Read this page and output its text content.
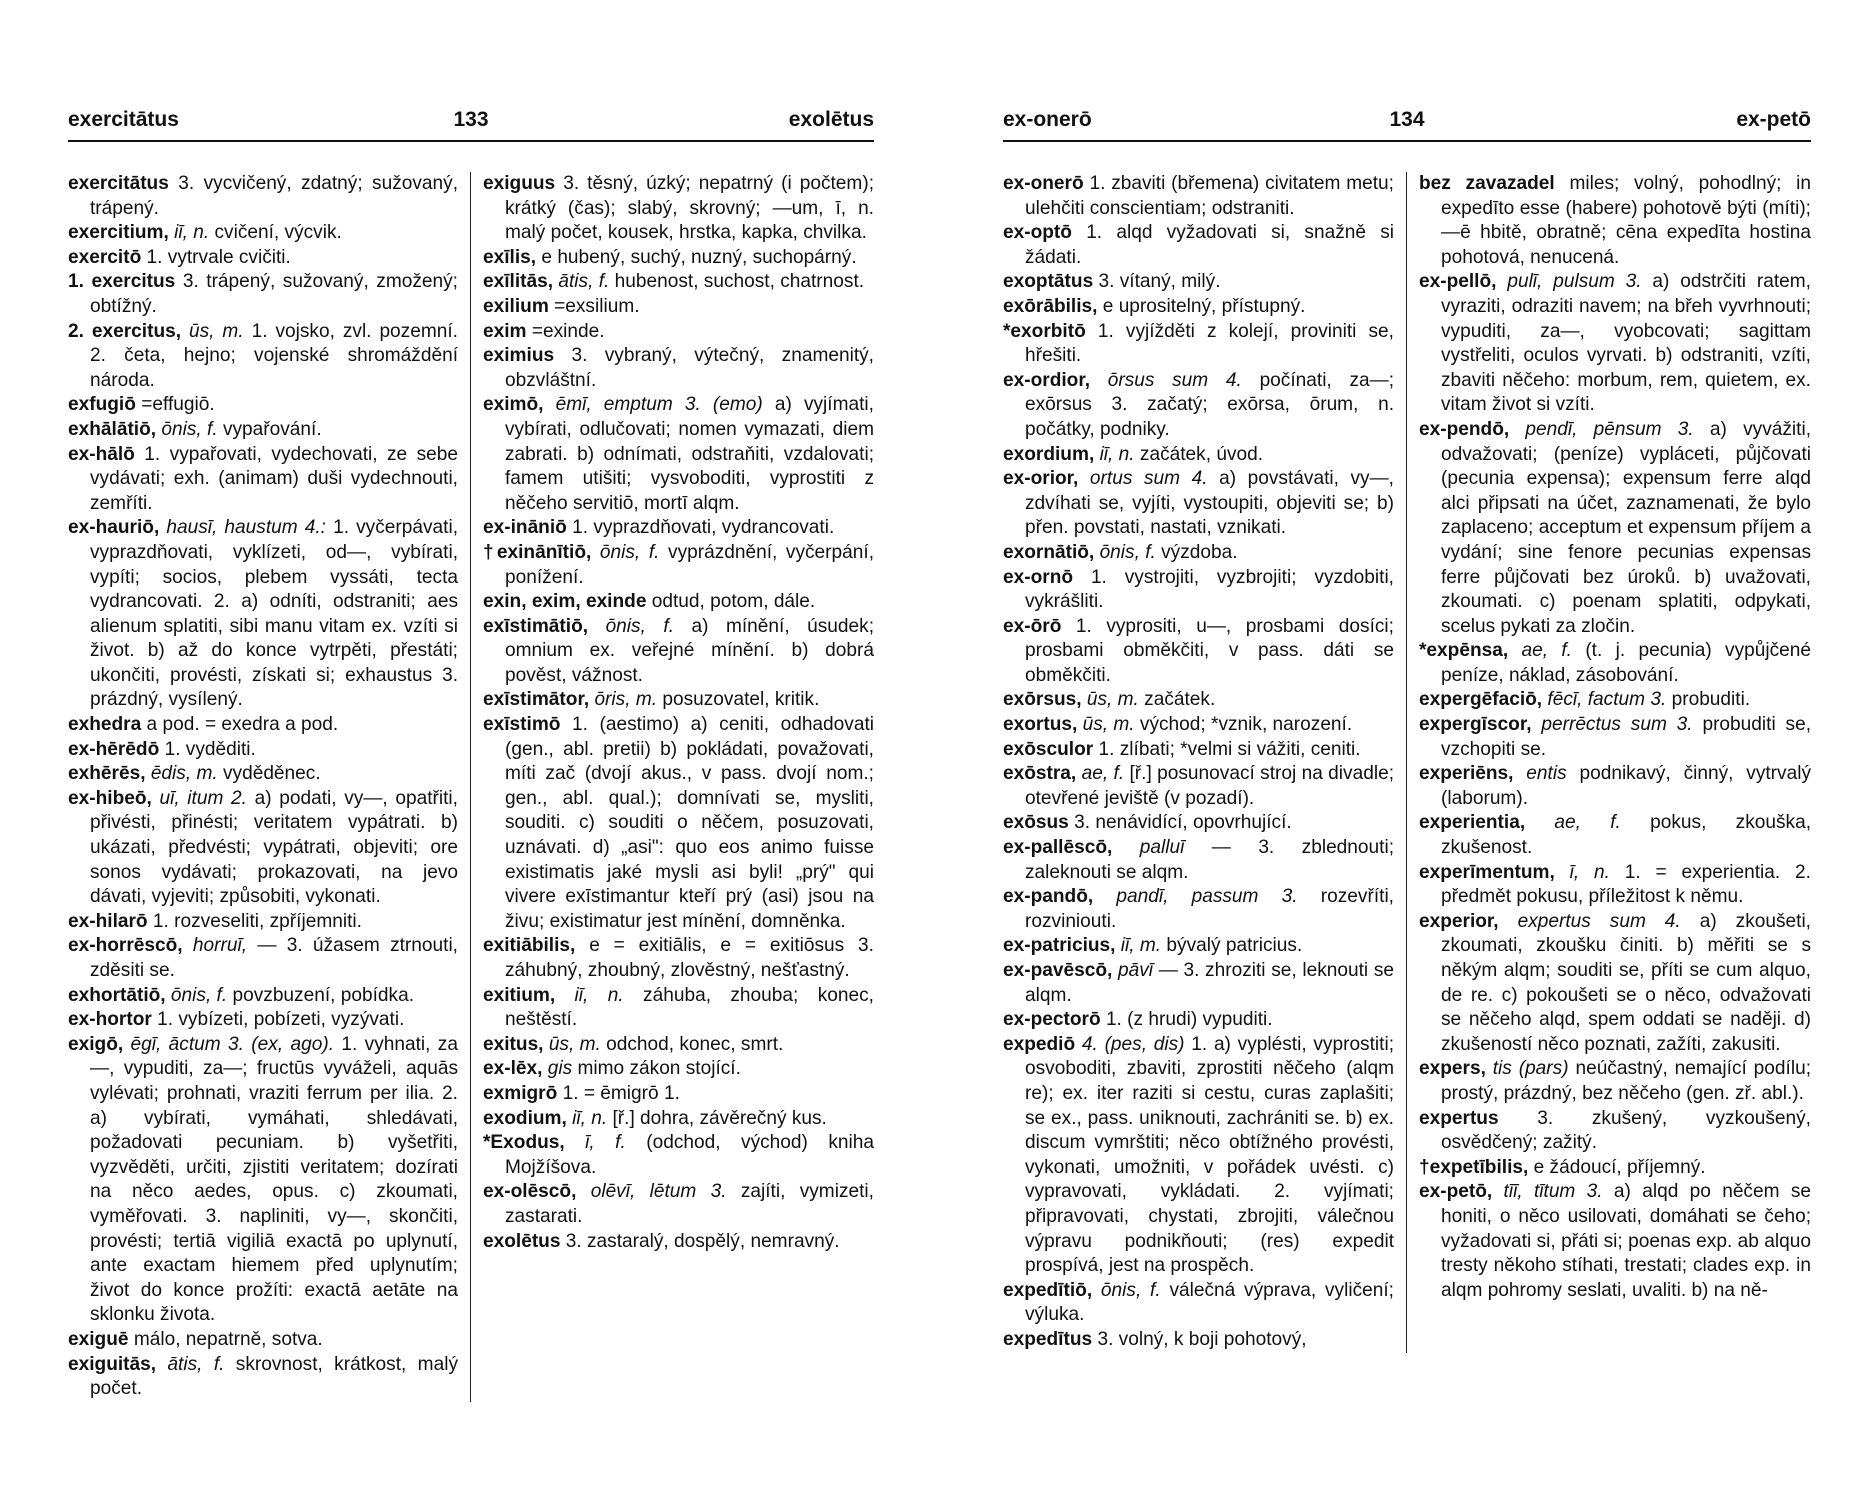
exercitātus	133	exolētus

exercitātus 3. vycvičený, zdatný; sužovaný, trápený.

exercitium, iī, n. cvičení, výcvik.

exercitō 1. vytrvale cvičiti.

1. exercitus 3. trápený, sužovaný, zmožený; obtížný.

2. exercitus, ūs, m. 1. vojsko, zvl. pozemní. 2. četa, hejno; vojenské shromáždění národa.

exfugiō =effugiō.

exhālātiō, ōnis, f. vypařování.

ex-hālō 1. vypařovati, vydechovati, ze sebe vydávati; exh. (animam) duši vydechnouti, zemříti.

ex-hauriō, hausī, haustum 4.: 1. vyčerpávati, vyprazdňovati, vyklízeti, od—, vybírati, vypíti; socios, plebem vyssáti, tecta vydrancovati. 2. a) odníti, odstraniti; aes alienum splatiti, sibi manu vitam ex. vzíti si život. b) až do konce vytrpěti, přestáti; ukončiti, provésti, získati si; exhaustus 3. prázdný, vysílený.

exhedra a pod. = exedra a pod.

ex-hērēdō 1. vyděditi.

exhērēs, ēdis, m. vyděděnec.

ex-hibeō, uī, itum 2. a) podati, vy—, opatřiti, přivésti, přinésti; veritatem vypátrati. b) ukázati, předvésti; vypátrati, objeviti; ore sonos vydávati; prokazovati, na jevo dávati, vyjeviti; způsobiti, vykonati.

ex-hilarō 1. rozveseliti, zpříjemniti.

ex-horrēscō, horruī, — 3. úžasem ztrnouti, zděsiti se.

exhortātiō, ōnis, f. povzbuzení, pobídka.

ex-hortor 1. vybízeti, pobízeti, vyzývati.

exigō, ēgī, āctum 3. (ex, ago). 1. vyhnati, za—, vypuditi, za—; fructūs vyváželi, aquās vylévati; prohnati, vraziti ferrum per ilia. 2. a) vybírati, vymáhati, shledávati, požadovati pecuniam. b) vyšetřiti, vyzvěděti, určiti, zjistiti veritatem; dozírati na něco aedes, opus. c) zkoumati, vyměřovati. 3. napliniti, vy—, skončiti, provésti; tertiā vigiliā exactā po uplynutí, ante exactam hiemem před uplynutím; život do konce prožíti: exactā aetāte na sklonku života.

exiguē málo, nepatrně, sotva.

exiguitās, ātis, f. skrovnost, krátkost, malý počet.

exiguus 3. těsný, úzký; nepatrný (i počtem); krátký (čas); slabý, skrovný; —um, ī, n. malý počet, kousek, hrstka, kapka, chvilka.

exīlis, e hubený, suchý, nuzný, suchopárný.

exīlitās, ātis, f. hubenost, suchost, chatrnost.

exilium =exsilium.

exim =exinde.

eximius 3. vybraný, výtečný, znamenitý, obzvláštní.

eximō, ēmī, emptum 3. (emo) a) vyjímati, vybírati, odlučovati; nomen vymazati, diem zabrati. b) odnímati, odstraňiti, vzdalovati; famem utišiti; vysvoboditi, vyprostiti z něčeho servitiō, mortī alqm.

ex-ināniō 1. vyprazdňovati, vydrancovati.

†exinānītiō, ōnis, f. vyprázdnění, vyčerpání, ponížení.

exin, exim, exinde odtud, potom, dále.

exīstimātiō, ōnis, f. a) mínění, úsudek; omnium ex. veřejné mínění. b) dobrá pověst, vážnost.

exīstimātor, ōris, m. posuzovatel, kritik.

exīstimō 1. (aestimo) a) ceniti, odhadovati (gen., abl. pretii) b) pokládati, považovati, míti zač (dvojí akus., v pass. dvojí nom.; gen., abl. qual.); domnívati se, mysliti, souditi. c) souditi o něčem, posuzovati, uznávati. d) „asi": quo eos animo fuisse existimatis jaké mysli asi byli! „prý" qui vivere exīstimantur kteří prý (asi) jsou na živu; existimatur jest mínění, domněnka.

exitiābilis, e = exitiālis, e = exitiōsus 3. záhubný, zhoubný, zlověstný, nešťastný.

exitium, iī, n. záhuba, zhouba; konec, neštěstí.

exitus, ūs, m. odchod, konec, smrt.

ex-lēx, gis mimo zákon stojící.

exmigrō 1. = ēmigrō 1.

exodium, iī, n. [ř.] dohra, závěrečný kus.

*Exodus, ī, f. (odchod, východ) kniha Mojžíšova.

ex-olēscō, olēvī, lētum 3. zajíti, vymizeti, zastarati.

exolētus 3. zastaralý, dospělý, nemravný.

ex-onerō	134	ex-petō

ex-onerō 1. zbaviti (břemena) civitatem metu; ulehčiti conscientiam; odstraniti.

ex-optō 1. alqd vyžadovati si, snažně si žádati.

exoptātus 3. vítaný, milý.

exōrābilis, e uprositelný, přístupný.

*exorbitō 1. vyjížděti z kolejí, proviniti se, hřešiti.

ex-ordior, ōrsus sum 4. počínati, za—; exōrsus 3. začatý; exōrsa, ōrum, n. počátky, podniky.

exordium, iī, n. začátek, úvod.

ex-orior, ortus sum 4. a) povstávati, vy—, zdvíhati se, vyjíti, vystoupiti, objeviti se; b) přen. povstati, nastati, vznikati.

exornātiō, ōnis, f. výzdoba.

ex-ornō 1. vystrojiti, vyzbrojiti; vyzdobiti, vykrášliti.

ex-ōrō 1. vyprositi, u—, prosbami dosíci; prosbami obměkčiti, v pass. dáti se obměkčiti.

exōrsus, ūs, m. začátek.

exortus, ūs, m. východ; *vznik, narození.

exōsculor 1. zlíbati; *velmi si vážiti, ceniti.

exōstra, ae, f. [ř.] posunovací stroj na divadle; otevřené jeviště (v pozadí).

exōsus 3. nenávidící, opovrhující.

ex-pallēscō, palluī — 3. zblednouti; zaleknouti se alqm.

ex-pandō, pandī, passum 3. rozevříti, rozviniouti.

ex-patricius, iī, m. bývalý patricius.

ex-pavēscō, pāvī — 3. zhroziti se, leknouti se alqm.

ex-pectorō 1. (z hrudi) vypuditi.

expediō 4. (pes, dis) 1. a) vyplésti, vyprostiti; osvoboditi, zbaviti, zprostiti něčeho (alqm re); ex. iter raziti si cestu, curas zaplašiti; se ex., pass. uniknouti, zachrániti se. b) ex. discum vymrštiti; něco obtížného provésti, vykonati, umožniti, v pořádek uvésti. c) vypravovati, vykládati. 2. vyjímati; připravovati, chystati, zbrojiti, válečnou výpravu podnikňouti; (res) expedit prospívá, jest na prospěch.

expedītiō, ōnis, f. válečná výprava, vyličení; výluka.

expedītus 3. volný, k boji pohotový,

bez zavazadel miles; volný, pohodlný; in expedīto esse (habere) pohotově býti (míti); —ē hbitě, obratně; cēna expedīta hostina pohotová, nenucená.

ex-pellō, pulī, pulsum 3. a) odstrčiti ratem, vyraziti, odraziti navem; na břeh vyvrhnouti; vypuditi, za—, vyobcovati; sagittam vystřeliti, oculos vyrvati. b) odstraniti, vzíti, zbaviti něčeho: morbum, rem, quietem, ex. vitam život si vzíti.

ex-pendō, pendī, pēnsum 3. a) vyvážiti, odvažovati; (peníze) vypláceti, půjčovati (pecunia expensa); expensum ferre alqd alci připsati na účet, zaznamenati, že bylo zaplaceno; acceptum et expensum příjem a vydání; sine fenore pecunias expensas ferre půjčovati bez úroků. b) uvažovati, zkoumati. c) poenam splatiti, odpykati, scelus pykati za zločin.

*expēnsa, ae, f. (t. j. pecunia) vypůjčené peníze, náklad, zásobování.

expergēfaciō, fēcī, factum 3. probuditi.

expergīscor, perrēctus sum 3. probuditi se, vzchopiti se.

experiēns, entis podnikavý, činný, vytrvalý (laborum).

experientia, ae, f. pokus, zkouška, zkušenost.

experīmentum, ī, n. 1. = experientia. 2. předmět pokusu, příležitost k němu.

experior, expertus sum 4. a) zkoušeti, zkoumati, zkoušku činiti. b) měřiti se s někým alqm; souditi se, příti se cum alquo, de re. c) pokoušeti se o něco, odvažovati se něčeho alqd, spem oddati se naději. d) zkušeností něco poznati, zažíti, zakusiti.

expers, tis (pars) neúčastný, nemající podílu; prostý, prázdný, bez něčeho (gen. zř. abl.).

expertus 3. zkušený, vyzkoušený, osvědčený; zažitý.

†expetībilis, e žádoucí, příjemný.

ex-petō, tīī, tītum 3. a) alqd po něčem se honiti, o něco usilovati, domáhati se čeho; vyžadovati si, přáti si; poenas exp. ab alquo tresty někoho stíhati, trestati; clades exp. in alqm pohromy seslati, uvaliti. b) na ně-
